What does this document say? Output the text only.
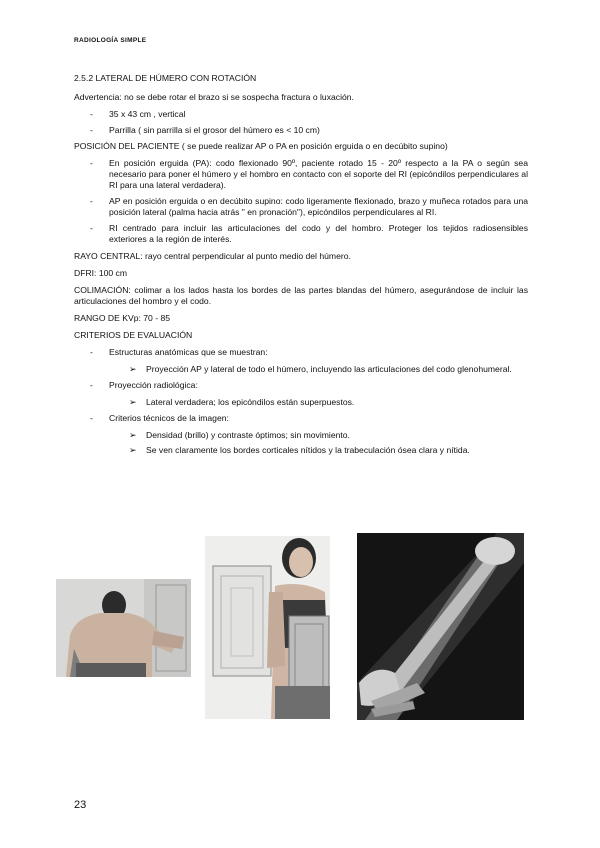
RADIOLOGÍA SIMPLE

2.5.2 LATERAL DE HÚMERO CON ROTACIÓN

Advertencia: no se debe rotar el brazo si se sospecha fractura o luxación.

- 35 x 43 cm , vertical
- Parrilla ( sin parrilla si el grosor del húmero es < 10 cm)

POSICIÓN DEL PACIENTE ( se puede realizar AP o PA en posición erguida o en decúbito supino)

- En posición erguida (PA): codo flexionado 90º, paciente rotado 15 - 20º respecto a la PA o según sea necesario para poner el húmero y el hombro en contacto con el soporte del RI (epicóndilos perpendiculares al RI para una lateral verdadera).
- AP en posición erguida o en decúbito supino: codo ligeramente flexionado, brazo y muñeca rotados para una posición lateral (palma hacia atrás " en pronación"), epicóndilos perpendiculares al RI.
- RI centrado para incluir las articulaciones del codo y del hombro. Proteger los tejidos radiosensibles exteriores a la región de interés.

RAYO CENTRAL: rayo central perpendicular al punto medio del húmero.

DFRI: 100 cm

COLIMACIÓN: colimar a los lados hasta los bordes de las partes blandas del húmero, asegurándose de incluir las articulaciones del hombro y el codo.

RANGO DE KVp: 70 - 85

CRITERIOS DE EVALUACIÓN

- Estructuras anatómicas que se muestran:
➢ Proyección AP y lateral de todo el húmero, incluyendo las articulaciones del codo glenohumeral.
- Proyección radiológica:
➢ Lateral verdadera; los epicóndilos están superpuestos.
- Criterios técnicos de la imagen:
➢ Densidad (brillo) y contraste óptimos; sin movimiento.
➢ Se ven claramente los bordes corticales nítidos y la trabeculación ósea clara y nítida.
23
